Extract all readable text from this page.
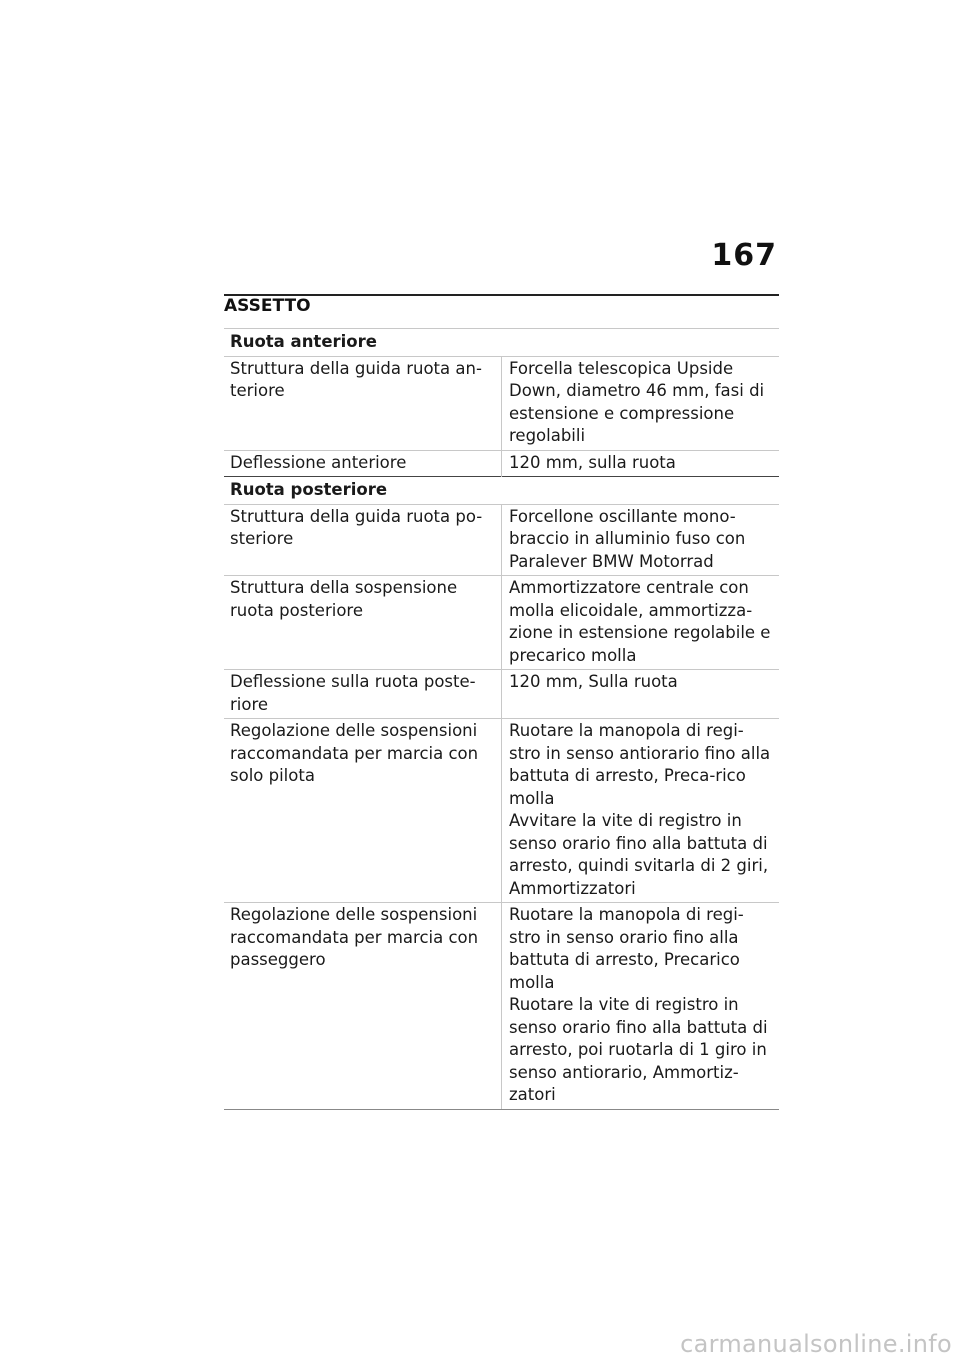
167
ASSETTO
Ruota anteriore	
Struttura della guida ruota an-teriore	Forcella telescopica Upside Down, diametro 46 mm, fasi di estensione e compressione regolabili

Deflessione anteriore	120 mm, sulla ruota

Ruota posteriore	
Struttura della guida ruota po-steriore	Forcellone oscillante mono-braccio in alluminio fuso con Paralever BMW Motorrad

Struttura della sospensione ruota posteriore	Ammortizzatore centrale con molla elicoidale, ammortizza-zione in estensione regolabile e precarico molla

Deflessione sulla ruota poste-riore	120 mm, Sulla ruota

Regolazione delle sospensioni raccomandata per marcia con solo pilota	Ruotare la manopola di regi-stro in senso antiorario fino alla battuta di arresto, Preca-rico molla
Avvitare la vite di registro in senso orario fino alla battuta di arresto, quindi svitarla di 2 giri, Ammortizzatori

Regolazione delle sospensioni raccomandata per marcia con passeggero	Ruotare la manopola di regi-stro in senso orario fino alla battuta di arresto, Precarico molla
Ruotare la vite di registro in senso orario fino alla battuta di arresto, poi ruotarla di 1 giro in senso antiorario, Ammortiz-zatori
carmanualsonline.info
